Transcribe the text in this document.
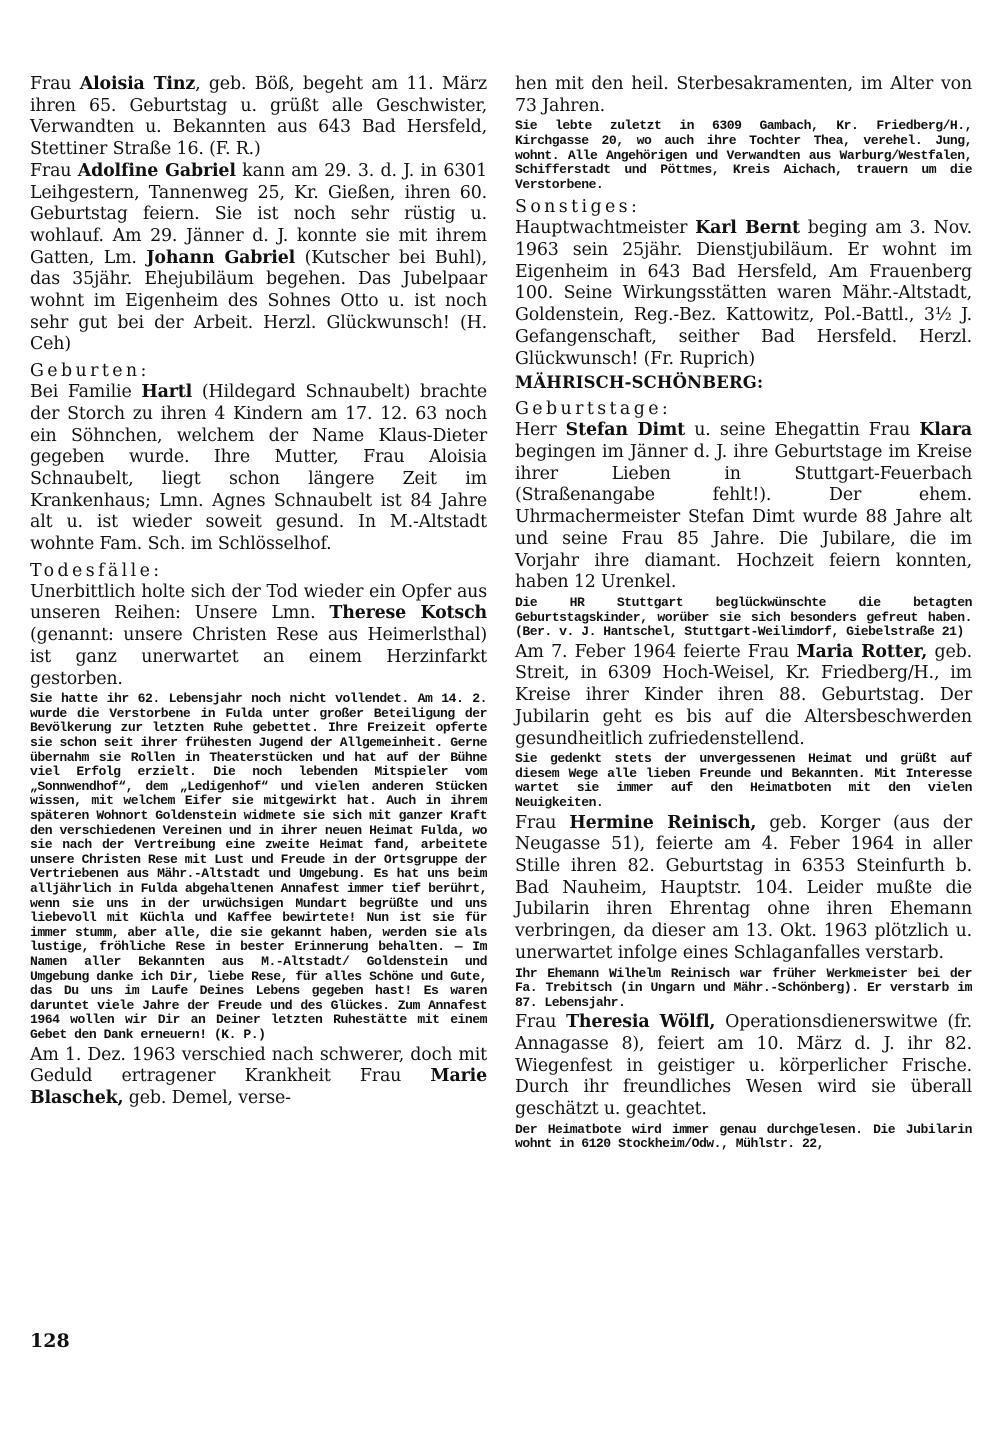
Frau Aloisia Tinz, geb. Böß, begeht am 11. März ihren 65. Geburtstag u. grüßt alle Geschwister, Verwandten u. Bekannten aus 643 Bad Hersfeld, Stettiner Straße 16. (F. R.)

Frau Adolfine Gabriel kann am 29. 3. d. J. in 6301 Leihgestern, Tannenweg 25, Kr. Gießen, ihren 60. Geburtstag feiern. Sie ist noch sehr rüstig u. wohlauf. Am 29. Jänner d. J. konnte sie mit ihrem Gatten, Lm. Johann Gabriel (Kutscher bei Buhl), das 35jähr. Ehejubiläum begehen. Das Jubelpaar wohnt im Eigenheim des Sohnes Otto u. ist noch sehr gut bei der Arbeit. Herzl. Glückwunsch! (H. Ceh)

Geburten:

Bei Familie Hartl (Hildegard Schnaubelt) brachte der Storch zu ihren 4 Kindern am 17. 12. 63 noch ein Söhnchen, welchem der Name Klaus-Dieter gegeben wurde. Ihre Mutter, Frau Aloisia Schnaubelt, liegt schon längere Zeit im Krankenhaus; Lmn. Agnes Schnaubelt ist 84 Jahre alt u. ist wieder soweit gesund. In M.-Altstadt wohnte Fam. Sch. im Schlösselhof.

Todesfälle:

Unerbittlich holte sich der Tod wieder ein Opfer aus unseren Reihen: Unsere Lmn. Therese Kotsch (genannt: unsere Christen Rese aus Heimerlsthal) ist ganz unerwartet an einem Herzinfarkt gestorben.

Sie hatte ihr 62. Lebensjahr noch nicht vollendet. Am 14. 2. wurde die Verstorbene in Fulda unter großer Beteiligung der Bevölkerung zur letzten Ruhe gebettet. Ihre Freizeit opferte sie schon seit ihrer frühesten Jugend der Allgemeinheit. Gerne übernahm sie Rollen in Theaterstücken und hat auf der Bühne viel Erfolg erzielt. Die noch lebenden Mitspieler vom „Sonnwendhof“, dem „Ledigenhof“ und vielen anderen Stücken wissen, mit welchem Eifer sie mitgewirkt hat. Auch in ihrem späteren Wohnort Goldenstein widmete sie sich mit ganzer Kraft den verschiedenen Vereinen und in ihrer neuen Heimat Fulda, wo sie nach der Vertreibung eine zweite Heimat fand, arbeitete unsere Christen Rese mit Lust und Freude in der Ortsgruppe der Vertriebenen aus Mähr.-Altstadt und Umgebung. Es hat uns beim alljährlich in Fulda abgehaltenen Annafest immer tief berührt, wenn sie uns in der urwüchsigen Mundart begrüßte und uns liebevoll mit Küchla und Kaffee bewirtete! Nun ist sie für immer stumm, aber alle, die sie gekannt haben, werden sie als lustige, fröhliche Rese in bester Erinnerung behalten. — Im Namen aller Bekannten aus M.-Altstadt/ Goldenstein und Umgebung danke ich Dir, liebe Rese, für alles Schöne und Gute, das Du uns im Laufe Deines Lebens gegeben hast! Es waren daruntet viele Jahre der Freude und des Glückes. Zum Annafest 1964 wollen wir Dir an Deiner letzten Ruhestätte mit einem Gebet den Dank erneuern! (K. P.)

Am 1. Dez. 1963 verschied nach schwerer, doch mit Geduld ertragener Krankheit Frau Marie Blaschek, geb. Demel, verse-

hen mit den heil. Sterbesakramenten, im Alter von 73 Jahren.

Sie lebte zuletzt in 6309 Gambach, Kr. Friedberg/H., Kirchgasse 20, wo auch ihre Tochter Thea, verehel. Jung, wohnt. Alle Angehörigen und Verwandten aus Warburg/Westfalen, Schifferstadt und Pöttmes, Kreis Aichach, trauern um die Verstorbene.

Sonstiges:

Hauptwachtmeister Karl Bernt beging am 3. Nov. 1963 sein 25jähr. Dienstjubiläum. Er wohnt im Eigenheim in 643 Bad Hersfeld, Am Frauenberg 100. Seine Wirkungsstätten waren Mähr.-Altstadt, Goldenstein, Reg.-Bez. Kattowitz, Pol.-Battl., 3½ J. Gefangenschaft, seither Bad Hersfeld. Herzl. Glückwunsch! (Fr. Ruprich)

MÄHRISCH-SCHÖNBERG:

Geburtstage:

Herr Stefan Dimt u. seine Ehegattin Frau Klara begingen im Jänner d. J. ihre Geburtstage im Kreise ihrer Lieben in Stuttgart-Feuerbach (Straßenangabe fehlt!). Der ehem. Uhrmachermeister Stefan Dimt wurde 88 Jahre alt und seine Frau 85 Jahre. Die Jubilare, die im Vorjahr ihre diamant. Hochzeit feiern konnten, haben 12 Urenkel.

Die HR Stuttgart beglückwünschte die betagten Geburtstagskinder, worüber sie sich besonders gefreut haben. (Ber. v. J. Hantschel, Stuttgart-Weilimdorf, Giebelstraße 21)

Am 7. Feber 1964 feierte Frau Maria Rotter, geb. Streit, in 6309 Hoch-Weisel, Kr. Friedberg/H., im Kreise ihrer Kinder ihren 88. Geburtstag. Der Jubilarin geht es bis auf die Altersbeschwerden gesundheitlich zufriedenstellend.

Sie gedenkt stets der unvergessenen Heimat und grüßt auf diesem Wege alle lieben Freunde und Bekannten. Mit Interesse wartet sie immer auf den Heimatboten mit den vielen Neuigkeiten.

Frau Hermine Reinisch, geb. Korger (aus der Neugasse 51), feierte am 4. Feber 1964 in aller Stille ihren 82. Geburtstag in 6353 Steinfurth b. Bad Nauheim, Hauptstr. 104. Leider mußte die Jubilarin ihren Ehrentag ohne ihren Ehemann verbringen, da dieser am 13. Okt. 1963 plötzlich u. unerwartet infolge eines Schlaganfalles verstarb.

Ihr Ehemann Wilhelm Reinisch war früher Werkmeister bei der Fa. Trebitsch (in Ungarn und Mähr.-Schönberg). Er verstarb im 87. Lebensjahr.

Frau Theresia Wölfl, Operationsdienerswitwe (fr. Annagasse 8), feiert am 10. März d. J. ihr 82. Wiegenfest in geistiger u. körperlicher Frische. Durch ihr freundliches Wesen wird sie überall geschätzt u. geachtet.

Der Heimatbote wird immer genau durchgelesen. Die Jubilarin wohnt in 6120 Stockheim/Odw., Mühlstr. 22,

128
